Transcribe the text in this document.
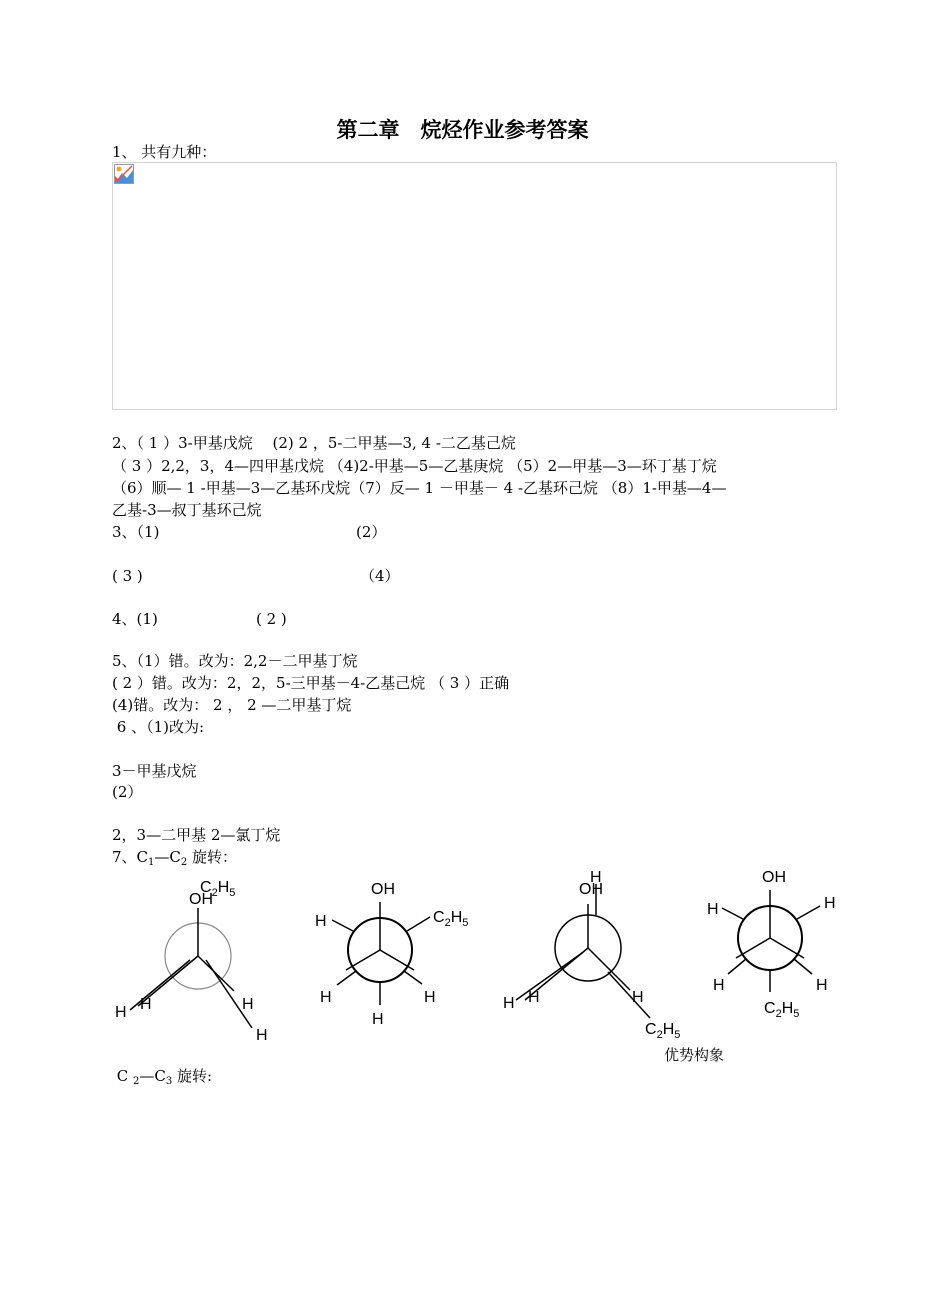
第二章　烷烃作业参考答案
1、 共有九种：
2、（ 1 ）3-甲基戊烷 　(2) 2 ，5-二甲基—3, 4 -二乙基己烷
（ 3 ）2,2，3，4—四甲基戊烷 （4)2-甲基—5—乙基庚烷 （5）2—甲基—3—环丁基丁烷
（6）顺— 1 -甲基—3—乙基环戊烷（7）反— 1 －甲基－ 4 -乙基环己烷 （8）1-甲基—4—
乙基-3—叔丁基环己烷
3、（1)	(2）
( 3 )	（4）
4、(1)	( 2 )
5、（1）错。改为：2,2－二甲基丁烷
( 2 ）错。改为：2，2，5-三甲基－4-乙基己烷 （ 3 ）正确
(4)错。改为： 2 ， 2 —二甲基丁烷
6 、（1)改为:
3－甲基戊烷
(2）
2，3—二甲基 2—氯丁烷
7、$C_1—C_2$ 旋转：
OH
$C_2H_5$
H H	H
H
OH
H	$C_2H_5$
H	H
H
OH
H
H H	H
$C_2H_5$
OH
H	H
H	H
$C_2H_5$
优势构象
C $_2—C_3$ 旋转:
